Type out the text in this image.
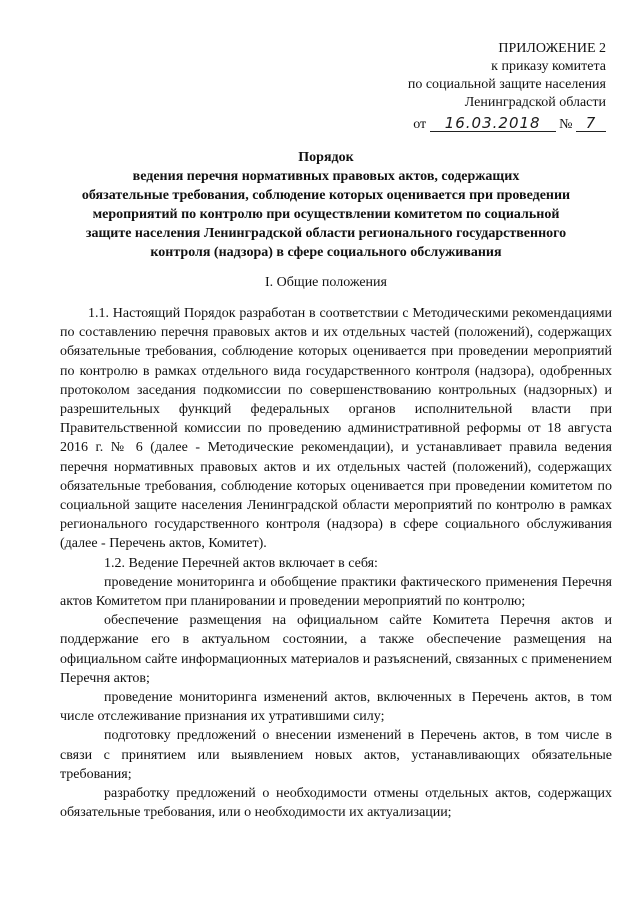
ПРИЛОЖЕНИЕ 2
к приказу комитета
по социальной защите населения
Ленинградской области
от 16.03.2018 № 7
Порядок
ведения перечня нормативных правовых актов, содержащих
обязательные требования, соблюдение которых оценивается при проведении
мероприятий по контролю при осуществлении комитетом по социальной
защите населения Ленинградской области регионального государственного
контроля (надзора) в сфере социального обслуживания
I. Общие положения

1.1. Настоящий Порядок разработан в соответствии с Методическими рекомендациями по составлению перечня правовых актов и их отдельных частей (положений), содержащих обязательные требования, соблюдение которых оценивается при проведении мероприятий по контролю в рамках отдельного вида государственного контроля (надзора), одобренных протоколом заседания подкомиссии по совершенствованию контрольных (надзорных) и разрешительных функций федеральных органов исполнительной власти при Правительственной комиссии по проведению административной реформы от 18 августа 2016 г. № 6 (далее - Методические рекомендации), и устанавливает правила ведения перечня нормативных правовых актов и их отдельных частей (положений), содержащих обязательные требования, соблюдение которых оценивается при проведении комитетом по социальной защите населения Ленинградской области мероприятий по контролю в рамках регионального государственного контроля (надзора) в сфере социального обслуживания (далее - Перечень актов, Комитет).

1.2. Ведение Перечней актов включает в себя:

проведение мониторинга и обобщение практики фактического применения Перечня актов Комитетом при планировании и проведении мероприятий по контролю;

обеспечение размещения на официальном сайте Комитета Перечня актов и поддержание его в актуальном состоянии, а также обеспечение размещения на официальном сайте информационных материалов и разъяснений, связанных с применением Перечня актов;

проведение мониторинга изменений актов, включенных в Перечень актов, в том числе отслеживание признания их утратившими силу;

подготовку предложений о внесении изменений в Перечень актов, в том числе в связи с принятием или выявлением новых актов, устанавливающих обязательные требования;

разработку предложений о необходимости отмены отдельных актов, содержащих обязательные требования, или о необходимости их актуализации;
